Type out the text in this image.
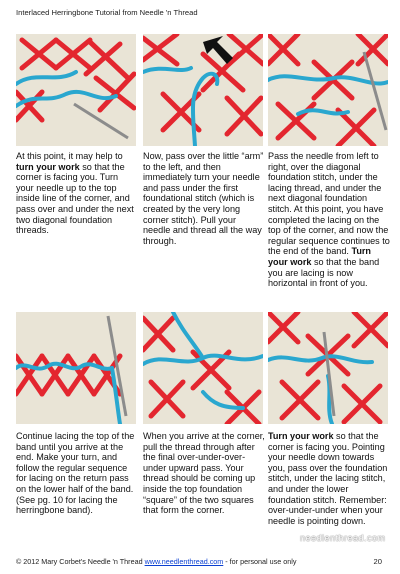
Interlaced Herringbone Tutorial from Needle 'n Thread

At this point, it may help to turn your work so that the corner is facing you. Turn your needle up to the top inside line of the corner, and pass over and under the next two diagonal foundation threads.

Now, pass over the little “arm” to the left, and then immediately turn your needle and pass under the first foundational stitch (which is created by the very long corner stitch). Pull your needle and thread all the way through.

Pass the needle from left to right, over the diagonal foundation stitch, under the lacing thread, and under the next diagonal foundation stitch. At this point, you have completed the lacing on the top of the corner, and now the regular sequence continues to the end of the band. Turn your work so that the band you are lacing is now horizontal in front of you.

Continue lacing the top of the band until you arrive at the end. Make your turn, and follow the regular sequence for lacing on the return pass on the lower half of the band. (See pg. 10 for lacing the herringbone band).

When you arrive at the corner, pull the thread through after the final over-under-over-under upward pass. Your thread should be coming up inside the top foundation “square” of the two squares that form the corner.

Turn your work so that the corner is facing you. Pointing your needle down towards you, pass over the foundation stitch, under the lacing stitch, and under the lower foundation stitch. Remember: over-under-under when your needle is pointing down.

needlenthread.com
© 2012 Mary Corbet's Needle 'n Thread www.needlenthread.com - for personal use only	20
